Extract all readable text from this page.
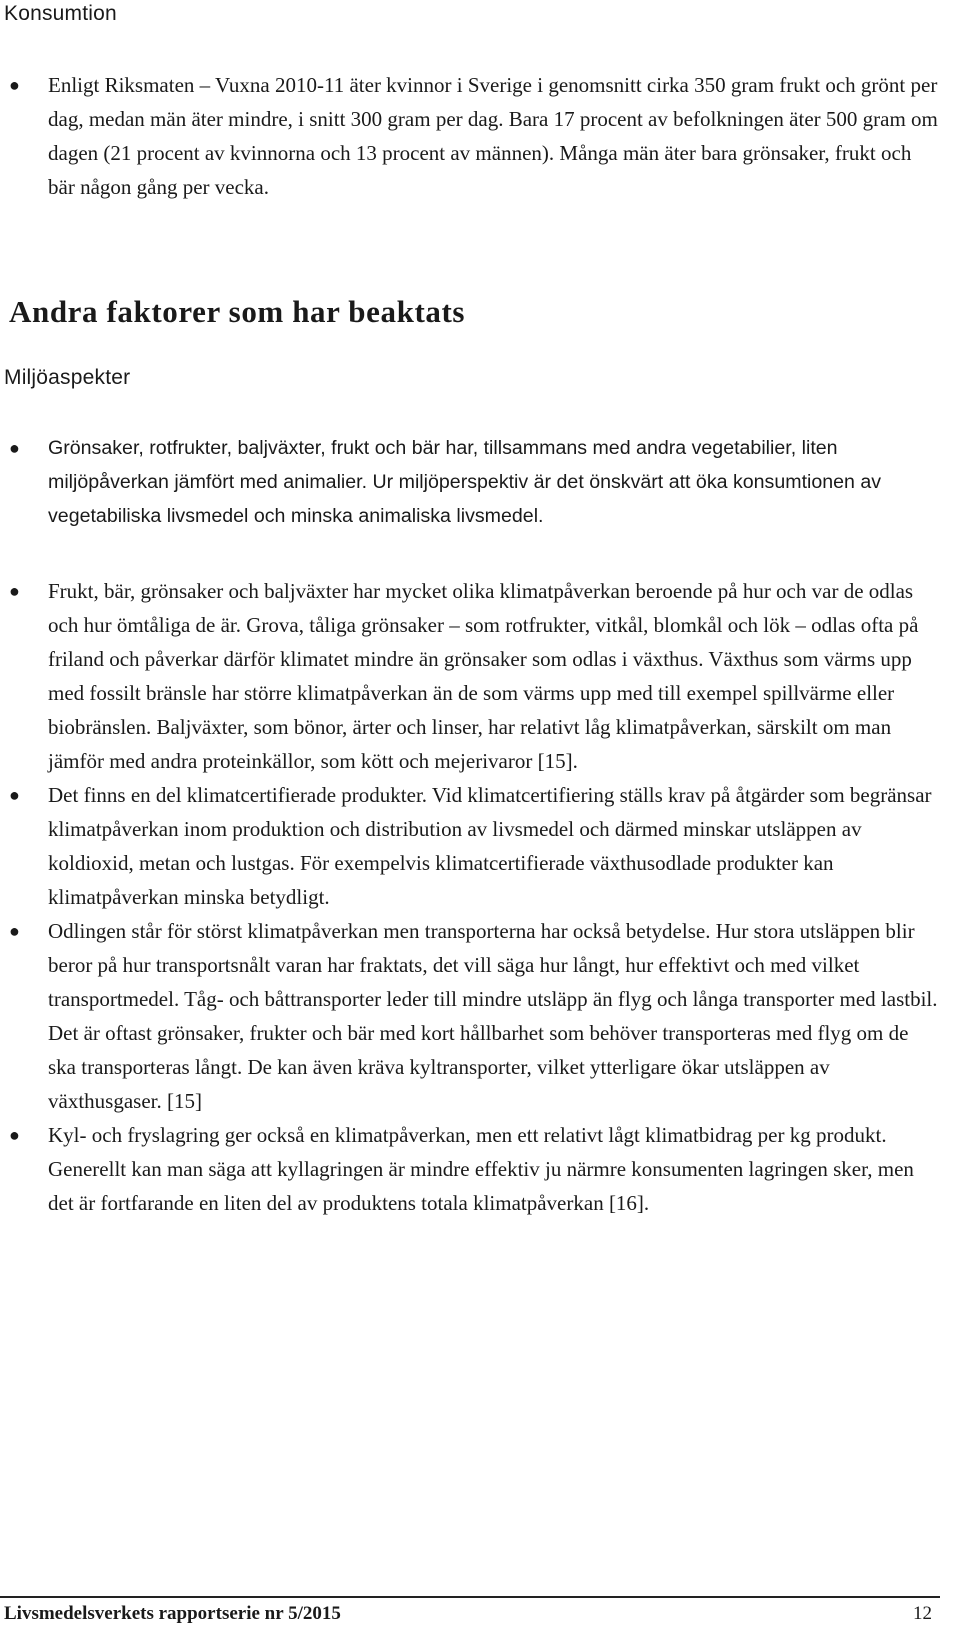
Konsumtion
● Enligt Riksmaten – Vuxna 2010-11 äter kvinnor i Sverige i genomsnitt cirka 350 gram frukt och grönt per dag, medan män äter mindre, i snitt 300 gram per dag. Bara 17 procent av befolkningen äter 500 gram om dagen (21 procent av kvinnorna och 13 procent av männen). Många män äter bara grönsaker, frukt och bär någon gång per vecka.
Andra faktorer som har beaktats
Miljöaspekter
● Grönsaker, rotfrukter, baljväxter, frukt och bär har, tillsammans med andra vegetabilier, liten miljöpåverkan jämfört med animalier. Ur miljöperspektiv är det önskvärt att öka konsumtionen av vegetabiliska livsmedel och minska animaliska livsmedel.
● Frukt, bär, grönsaker och baljväxter har mycket olika klimatpåverkan beroende på hur och var de odlas och hur ömtåliga de är. Grova, tåliga grönsaker – som rotfrukter, vitkål, blomkål och lök – odlas ofta på friland och påverkar därför klimatet mindre än grönsaker som odlas i växthus. Växthus som värms upp med fossilt bränsle har större klimatpåverkan än de som värms upp med till exempel spillvärme eller biobränslen. Baljväxter, som bönor, ärter och linser, har relativt låg klimatpåverkan, särskilt om man jämför med andra proteinkällor, som kött och mejerivaror [15].
● Det finns en del klimatcertifierade produkter. Vid klimatcertifiering ställs krav på åtgärder som begränsar klimatpåverkan inom produktion och distribution av livsmedel och därmed minskar utsläppen av koldioxid, metan och lustgas. För exempelvis klimatcertifierade växthusodlade produkter kan klimatpåverkan minska betydligt.
● Odlingen står för störst klimatpåverkan men transporterna har också betydelse. Hur stora utsläppen blir beror på hur transportsnålt varan har fraktats, det vill säga hur långt, hur effektivt och med vilket transportmedel. Tåg- och båttransporter leder till mindre utsläpp än flyg och långa transporter med lastbil. Det är oftast grönsaker, frukter och bär med kort hållbarhet som behöver transporteras med flyg om de ska transporteras långt. De kan även kräva kyltransporter, vilket ytterligare ökar utsläppen av växthusgaser. [15]
● Kyl- och fryslagring ger också en klimatpåverkan, men ett relativt lågt klimatbidrag per kg produkt. Generellt kan man säga att kyllagringen är mindre effektiv ju närmre konsumenten lagringen sker, men det är fortfarande en liten del av produktens totala klimatpåverkan [16].
Livsmedelsverkets rapportserie nr 5/2015	12
